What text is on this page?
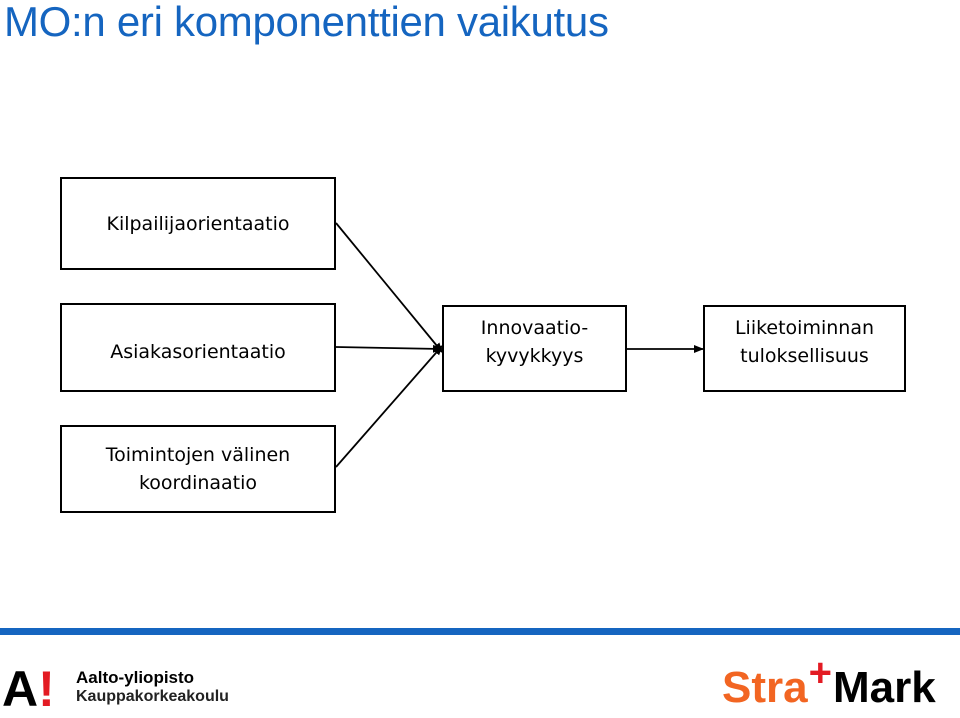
MO:n eri komponenttien vaikutus
Kilpailijaorientaatio
Asiakasorientaatio
Toimintojen välinen
koordinaatio
Innovaatio-
kyvykkyys
Liiketoiminnan
tuloksellisuus
A! Aalto-yliopisto
Kauppakorkeakoulu	Stra+Mark
